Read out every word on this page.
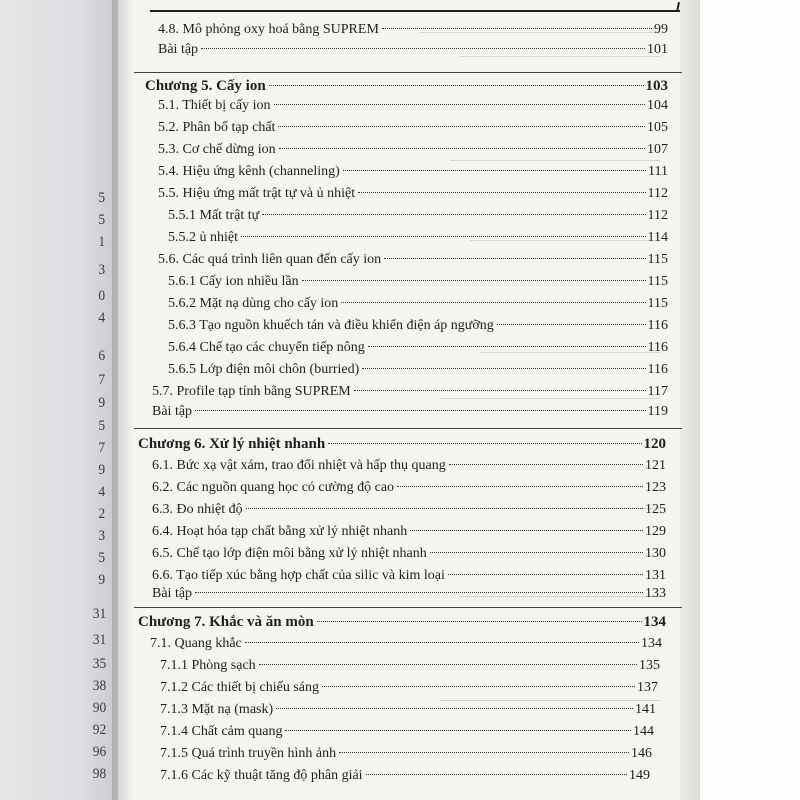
5
5
1
3
0
4
6
7
9
5
7
9
4
2
3
5
9
31
31
35
38
90
92
96
98
4.8. Mô phỏng oxy hoá bằng SUPREM	99
Bài tập	101
Chương 5. Cấy ion	103
5.1. Thiết bị cấy ion	104
5.2. Phân bố tạp chất	105
5.3. Cơ chế dừng ion	107
5.4. Hiệu ứng kênh (channeling)	111
5.5. Hiệu ứng mất trật tự và ủ nhiệt	112
5.5.1 Mất trật tự	112
5.5.2 ủ nhiệt	114
5.6. Các quá trình liên quan đến cấy ion	115
5.6.1 Cấy ion nhiều lần	115
5.6.2 Mặt nạ dùng cho cấy ion	115
5.6.3 Tạo nguồn khuếch tán và điều khiển điện áp ngưỡng	116
5.6.4 Chế tạo các chuyển tiếp nông	116
5.6.5 Lớp điện môi chôn (burried)	116
5.7. Profile tạp tính bằng SUPREM	117
Bài tập	119
Chương 6. Xử lý nhiệt nhanh	120
6.1. Bức xạ vật xám, trao đổi nhiệt và hấp thụ quang	121
6.2. Các nguồn quang học có cường độ cao	123
6.3. Đo nhiệt độ	125
6.4. Hoạt hóa tạp chất bằng xử lý nhiệt nhanh	129
6.5. Chế tạo lớp điện môi bằng xử lý nhiệt nhanh	130
6.6. Tạo tiếp xúc bằng hợp chất của silic và kim loại	131
Bài tập	133
Chương 7. Khắc và ăn mòn	134
7.1. Quang khắc	134
7.1.1 Phòng sạch	135
7.1.2 Các thiết bị chiếu sáng	137
7.1.3 Mặt nạ (mask)	141
7.1.4 Chất cảm quang	144
7.1.5 Quá trình truyền hình ảnh	146
7.1.6 Các kỹ thuật tăng độ phân giải	149
